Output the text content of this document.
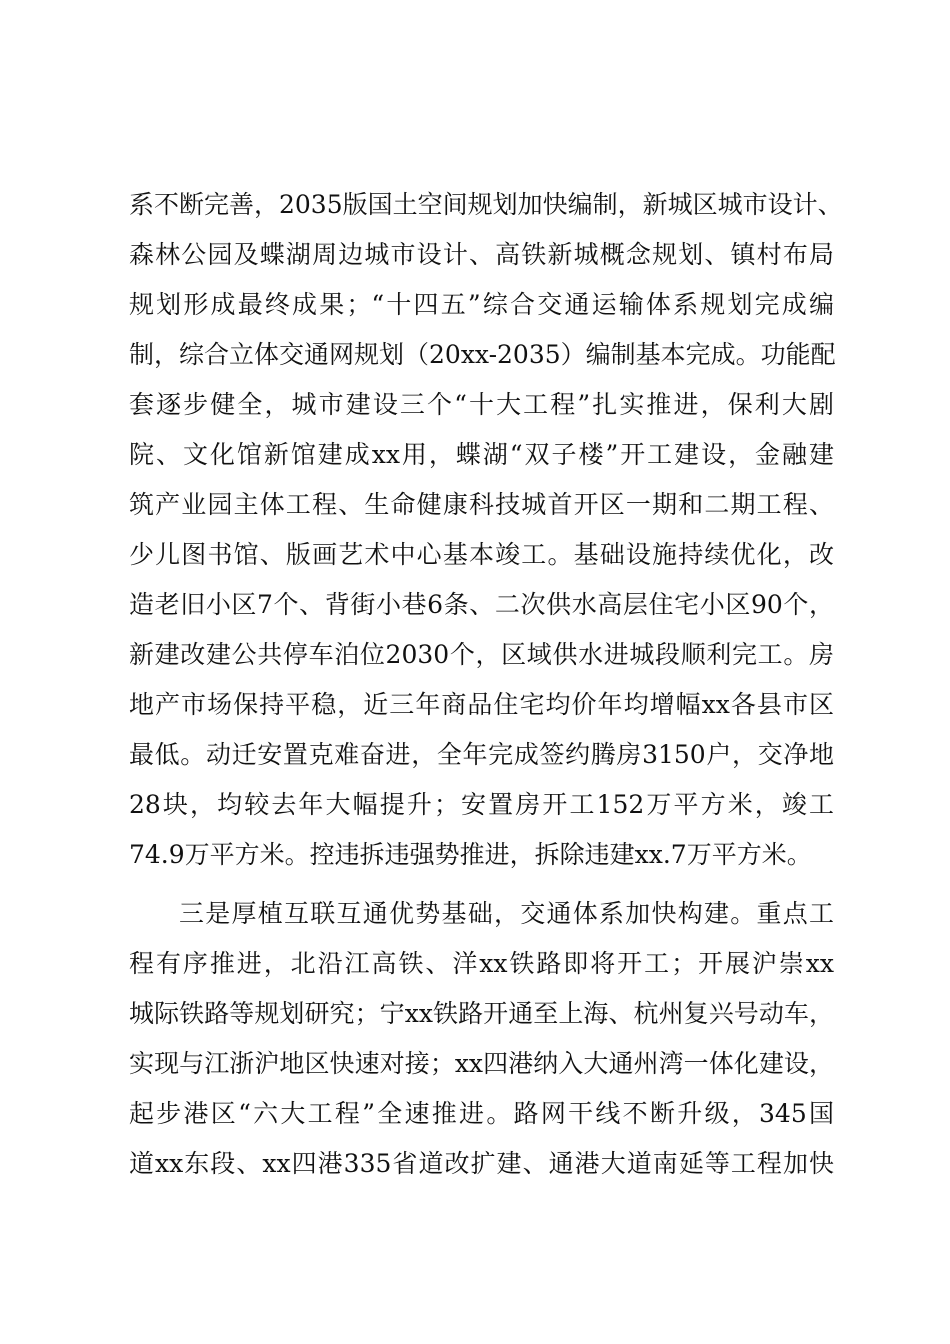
系不断完善，2035版国土空间规划加快编制，新城区城市设计、
森林公园及蝶湖周边城市设计、高铁新城概念规划、镇村布局
规划形成最终成果；“十四五”综合交通运输体系规划完成编
制，综合立体交通网规划（20xx-2035）编制基本完成。功能配
套逐步健全，城市建设三个“十大工程”扎实推进，保利大剧
院、文化馆新馆建成xx用，蝶湖“双子楼”开工建设，金融建
筑产业园主体工程、生命健康科技城首开区一期和二期工程、
少儿图书馆、版画艺术中心基本竣工。基础设施持续优化，改
造老旧小区7个、背街小巷6条、二次供水高层住宅小区90个，
新建改建公共停车泊位2030个，区域供水进城段顺利完工。房
地产市场保持平稳，近三年商品住宅均价年均增幅xx各县市区
最低。动迁安置克难奋进，全年完成签约腾房3150户，交净地
28块，均较去年大幅提升；安置房开工152万平方米，竣工
74.9万平方米。控违拆违强势推进，拆除违建xx.7万平方米。
三是厚植互联互通优势基础，交通体系加快构建。重点工
程有序推进，北沿江高铁、洋xx铁路即将开工；开展沪崇xx
城际铁路等规划研究；宁xx铁路开通至上海、杭州复兴号动车，
实现与江浙沪地区快速对接；xx四港纳入大通州湾一体化建设，
起步港区“六大工程”全速推进。路网干线不断升级，345国
道xx东段、xx四港335省道改扩建、通港大道南延等工程加快
